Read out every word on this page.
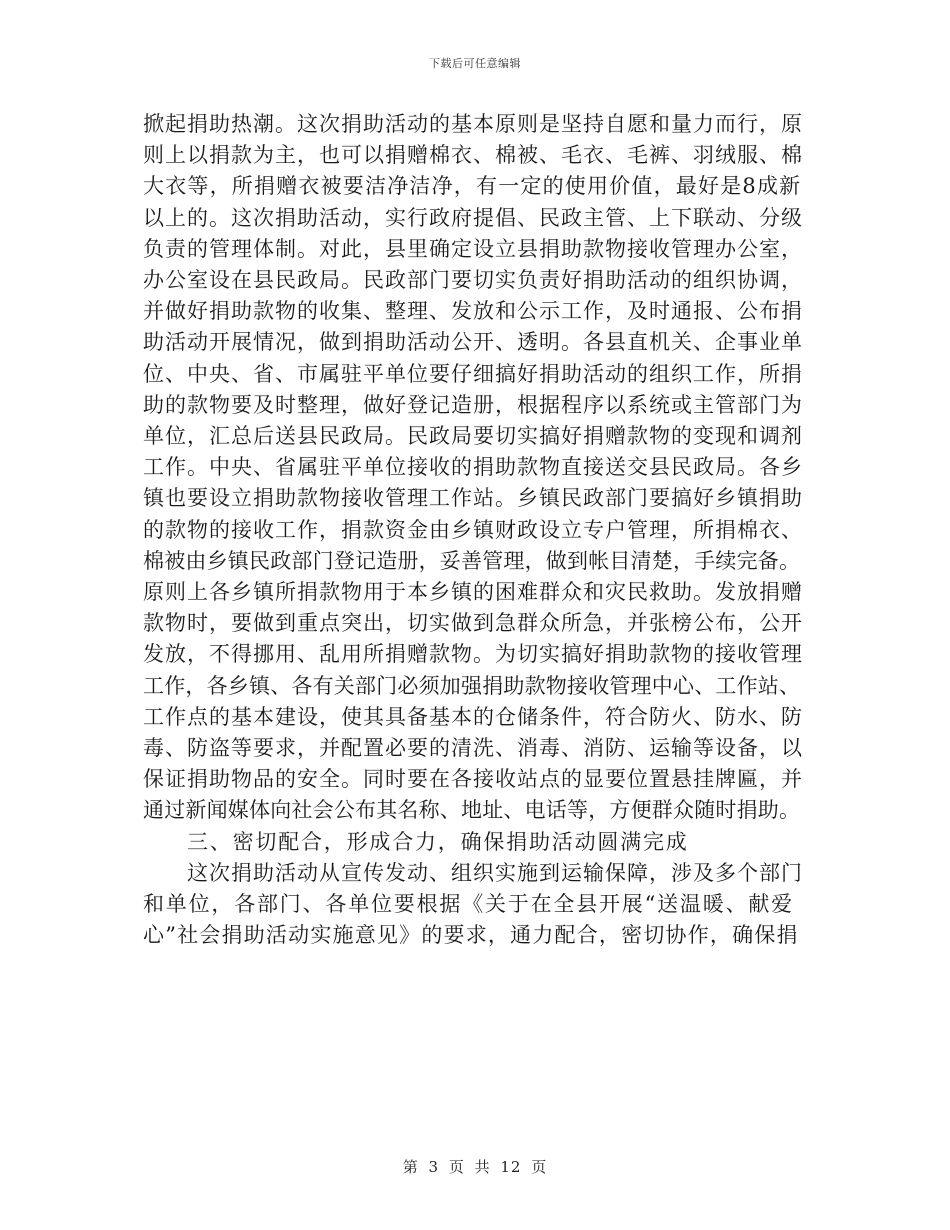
下载后可任意编辑
掀起捐助热潮。这次捐助活动的基本原则是坚持自愿和量力而行，原
则上以捐款为主，也可以捐赠棉衣、棉被、毛衣、毛裤、羽绒服、棉
大衣等，所捐赠衣被要洁净洁净，有一定的使用价值，最好是8成新
以上的。这次捐助活动，实行政府提倡、民政主管、上下联动、分级
负责的管理体制。对此，县里确定设立县捐助款物接收管理办公室，
办公室设在县民政局。民政部门要切实负责好捐助活动的组织协调，
并做好捐助款物的收集、整理、发放和公示工作，及时通报、公布捐
助活动开展情况，做到捐助活动公开、透明。各县直机关、企事业单
位、中央、省、市属驻平单位要仔细搞好捐助活动的组织工作，所捐
助的款物要及时整理，做好登记造册，根据程序以系统或主管部门为
单位，汇总后送县民政局。民政局要切实搞好捐赠款物的变现和调剂
工作。中央、省属驻平单位接收的捐助款物直接送交县民政局。各乡
镇也要设立捐助款物接收管理工作站。乡镇民政部门要搞好乡镇捐助
的款物的接收工作，捐款资金由乡镇财政设立专户管理，所捐棉衣、
棉被由乡镇民政部门登记造册，妥善管理，做到帐目清楚，手续完备。
原则上各乡镇所捐款物用于本乡镇的困难群众和灾民救助。发放捐赠
款物时，要做到重点突出，切实做到急群众所急，并张榜公布，公开
发放，不得挪用、乱用所捐赠款物。为切实搞好捐助款物的接收管理
工作，各乡镇、各有关部门必须加强捐助款物接收管理中心、工作站、
工作点的基本建设，使其具备基本的仓储条件，符合防火、防水、防
毒、防盗等要求，并配置必要的清洗、消毒、消防、运输等设备，以
保证捐助物品的安全。同时要在各接收站点的显要位置悬挂牌匾，并
通过新闻媒体向社会公布其名称、地址、电话等，方便群众随时捐助。
三、密切配合，形成合力，确保捐助活动圆满完成
这次捐助活动从宣传发动、组织实施到运输保障，涉及多个部门
和单位，各部门、各单位要根据《关于在全县开展“送温暖、献爱
心”社会捐助活动实施意见》的要求，通力配合，密切协作，确保捐
第 3 页 共 12 页
